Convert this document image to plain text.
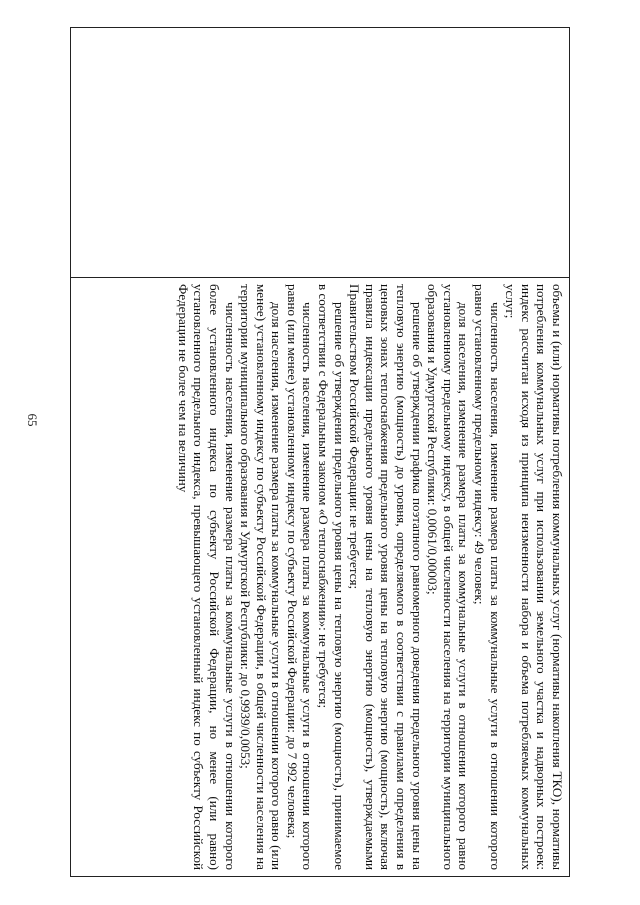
65	объемы и (или) нормативы потребления коммунальных услуг (нормативы накопления ТКО), нормативы потребления коммунальных услуг при использовании земельного участка и надворных построек: индекс рассчитан исходя из принципа неизменности набора и объема потребляемых коммунальных услуг;

численность населения, изменение размера платы за коммунальные услуги в отношении которого равно установленному предельному индексу: 49 человек;

доля населения, изменение размера платы за коммунальные услуги в отношении которого равно установленному предельному индексу, в общей численности населения на территории муниципального образования и Удмуртской Республики: 0,0061/0,00003;

решение об утверждении графика поэтапного равномерного доведения предельного уровня цены на тепловую энергию (мощность) до уровня, определяемого в соответствии с правилами определения в ценовых зонах теплоснабжения предельного уровня цены на тепловую энергию (мощность), включая правила индексации предельного уровня цены на тепловую энергию (мощность), утверждаемыми Правительством Российской Федерации: не требуется;

решение об утверждении предельного уровня цены на тепловую энергию (мощность), принимаемое в соответствии с Федеральным законом «О теплоснабжении»: не требуется;

численность населения, изменение размера платы за коммунальные услуги в отношении которого равно (или менее) установленному индексу по субъекту Российской Федерации: до 7 992 человека;

доля населения, изменение размера платы за коммунальные услуги в отношении которого равно (или менее) установленному индексу по субъекту Российской Федерации, в общей численности населения на территории муниципального образования и Удмуртской Республики: до 0,9939/0,0053;

численность населения, изменение размера платы за коммунальные услуги в отношении которого более установленного индекса по субъекту Российской Федерации, но менее (или равно) установленного предельного индекса, превышающего установленный индекс по субъекту Российской Федерации не более чем на величину
